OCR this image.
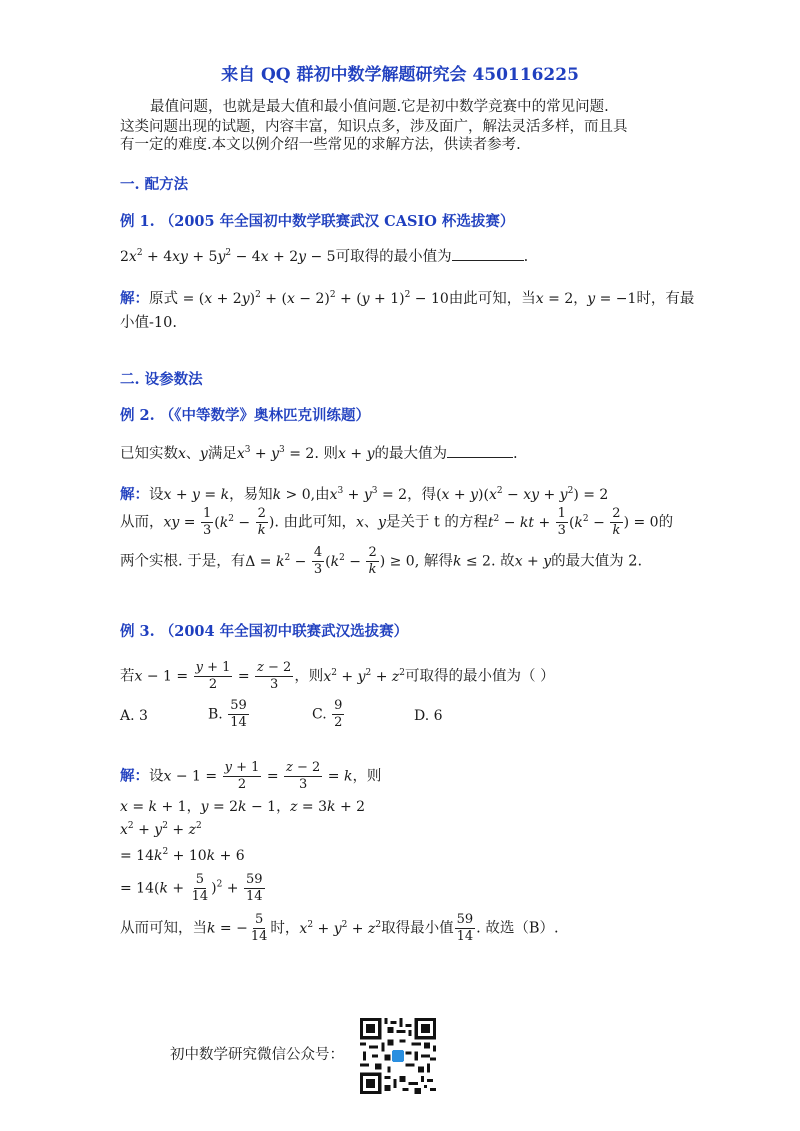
来自 QQ 群初中数学解题研究会 450116225
最值问题，也就是最大值和最小值问题.它是初中数学竞赛中的常见问题.
这类问题出现的试题，内容丰富，知识点多，涉及面广，解法灵活多样，而且具
有一定的难度.本文以例介绍一些常见的求解方法，供读者参考.
一. 配方法
例 1. （2005 年全国初中数学联赛武汉 CASIO 杯选拔赛）
$2x^2 + 4xy + 5y^2 - 4x + 2y - 5$可取得的最小值为	.
解：原式 = $(x + 2y)^2 + (x - 2)^2 + (y + 1)^2 - 10$由此可知，当x = 2，y = −1时，有最
小值-10.
二. 设参数法
例 2. （《中等数学》奥林匹克训练题）
已知实数x、y满足$x^3 + y^3 = 2$. 则x + y的最大值为	.
解：设x + y = k，易知k > 0,由$x^3 + y^3 = 2$，得$(x + y)(x^2$ − xy + $y^2) = 2$
从而，xy = $\frac{1}{3} (k^2 - \frac{2}{k}$ ). 由此可知，x、y是关于 t 的方程$t^2$ − kt + $\frac{1}{3} (k^2 - \frac{2}{k}$ ) = 0的
两个实根. 于是，有$\Delta = k^2 - \frac{4}{3} (k^2 - \frac{2}{k}$ ) ≥ 0, 解得k ≤ 2. 故x + y的最大值为 2.
例 3. （2004 年全国初中联赛武汉选拔赛）
若$x - 1 = \frac{y + 1}{2} = \frac{z - 2}{3}$ ，则$x^2 + y^2 + z^2$可取得的最小值为（ ）
A. 3	B. $\frac{59}{14}$	C. $\frac{9}{2}$	D. 6
解：设$x - 1 = \frac{y + 1}{2} = \frac{z - 2}{3} = k$，则
x = k + 1，y = 2k − 1，z = 3k + 2
$x^2 + y^2 + z^2$
= $14k^2 + 10k + 6$
= $14(k + \frac{5}{14} )^2 + \frac{59}{14}$
从而可知，当k = − $\frac{5}{14}$ 时，$x^2 + y^2 + z^2$取得最小值 $\frac{59}{14}$ . 故选（B）.
初中数学研究微信公众号：
